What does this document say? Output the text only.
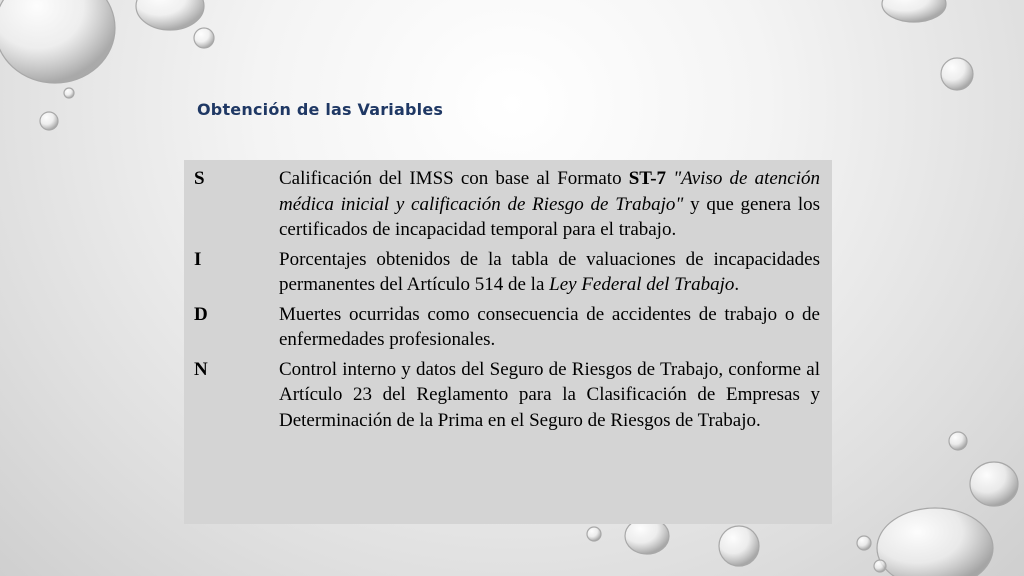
Obtención de las Variables
S	Calificación del IMSS con base al Formato ST-7 "Aviso de atención médica inicial y calificación de Riesgo de Trabajo" y que genera los certificados de incapacidad temporal para el trabajo.
I	Porcentajes obtenidos de la tabla de valuaciones de incapacidades permanentes del Artículo 514 de la Ley Federal del Trabajo.
D	Muertes ocurridas como consecuencia de accidentes de trabajo o de enfermedades profesionales.
N	Control interno y datos del Seguro de Riesgos de Trabajo, conforme al Artículo 23 del Reglamento para la Clasificación de Empresas y Determinación de la Prima en el Seguro de Riesgos de Trabajo.
